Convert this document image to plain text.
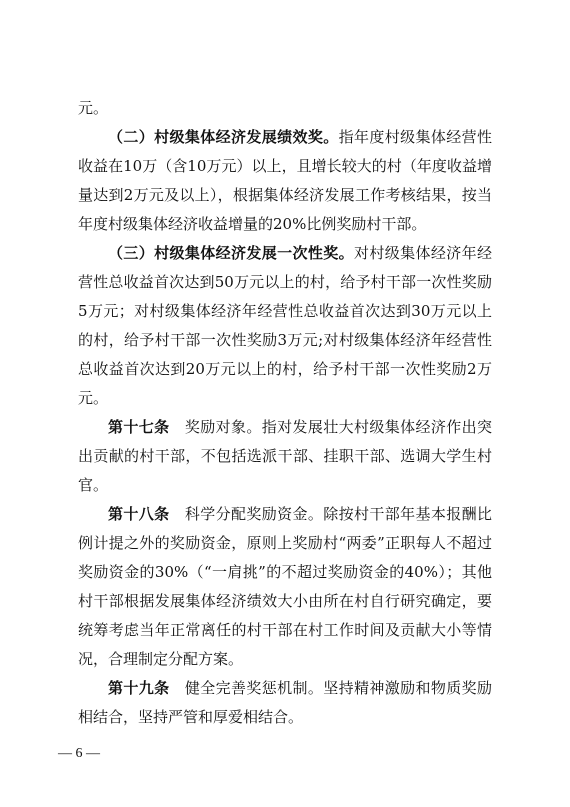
元。

（二）村级集体经济发展绩效奖。指年度村级集体经营性收益在10万（含10万元）以上，且增长较大的村（年度收益增量达到2万元及以上），根据集体经济发展工作考核结果，按当年度村级集体经济收益增量的20%比例奖励村干部。

（三）村级集体经济发展一次性奖。对村级集体经济年经营性总收益首次达到50万元以上的村，给予村干部一次性奖励5万元；对村级集体经济年经营性总收益首次达到30万元以上的村，给予村干部一次性奖励3万元;对村级集体经济年经营性总收益首次达到20万元以上的村，给予村干部一次性奖励2万元。

第十七条　奖励对象。指对发展壮大村级集体经济作出突出贡献的村干部，不包括选派干部、挂职干部、选调大学生村官。

第十八条　科学分配奖励资金。除按村干部年基本报酬比例计提之外的奖励资金，原则上奖励村“两委”正职每人不超过奖励资金的30%（“一肩挑”的不超过奖励资金的40%）；其他村干部根据发展集体经济绩效大小由所在村自行研究确定，要统筹考虑当年正常离任的村干部在村工作时间及贡献大小等情况，合理制定分配方案。

第十九条　健全完善奖惩机制。坚持精神激励和物质奖励相结合，坚持严管和厚爱相结合。

— 6 —
